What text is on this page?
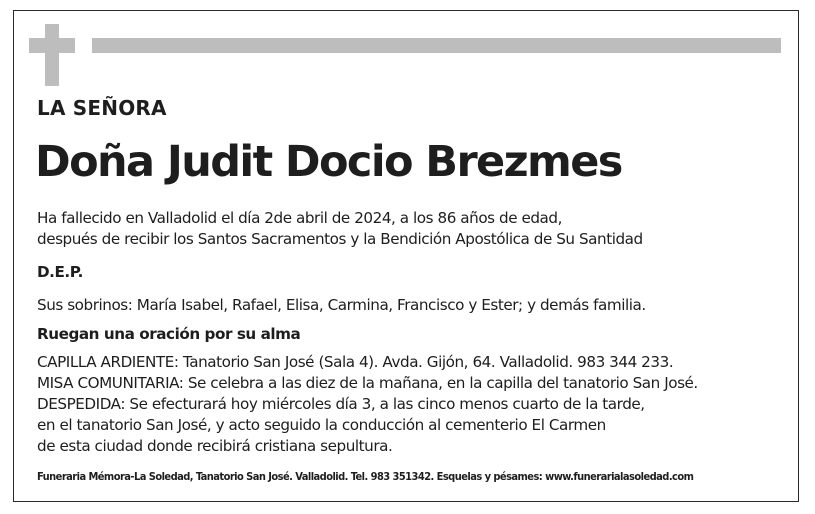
LA SEÑORA
Doña Judit Docio Brezmes
Ha fallecido en Valladolid el día 2de abril de 2024, a los 86 años de edad,
después de recibir los Santos Sacramentos y la Bendición Apostólica de Su Santidad
D.E.P.
Sus sobrinos: María Isabel, Rafael, Elisa, Carmina, Francisco y Ester; y demás familia.
Ruegan una oración por su alma
CAPILLA ARDIENTE: Tanatorio San José (Sala 4). Avda. Gijón, 64. Valladolid. 983 344 233.
MISA COMUNITARIA: Se celebra a las diez de la mañana, en la capilla del tanatorio San José.
DESPEDIDA: Se efecturará hoy miércoles día 3, a las cinco menos cuarto de la tarde,
en el tanatorio San José, y acto seguido la conducción al cementerio El Carmen
de esta ciudad donde recibirá cristiana sepultura.
Funeraria Mémora-La Soledad, Tanatorio San José. Valladolid. Tel. 983 351342. Esquelas y pésames: www.funerarialasoledad.com
